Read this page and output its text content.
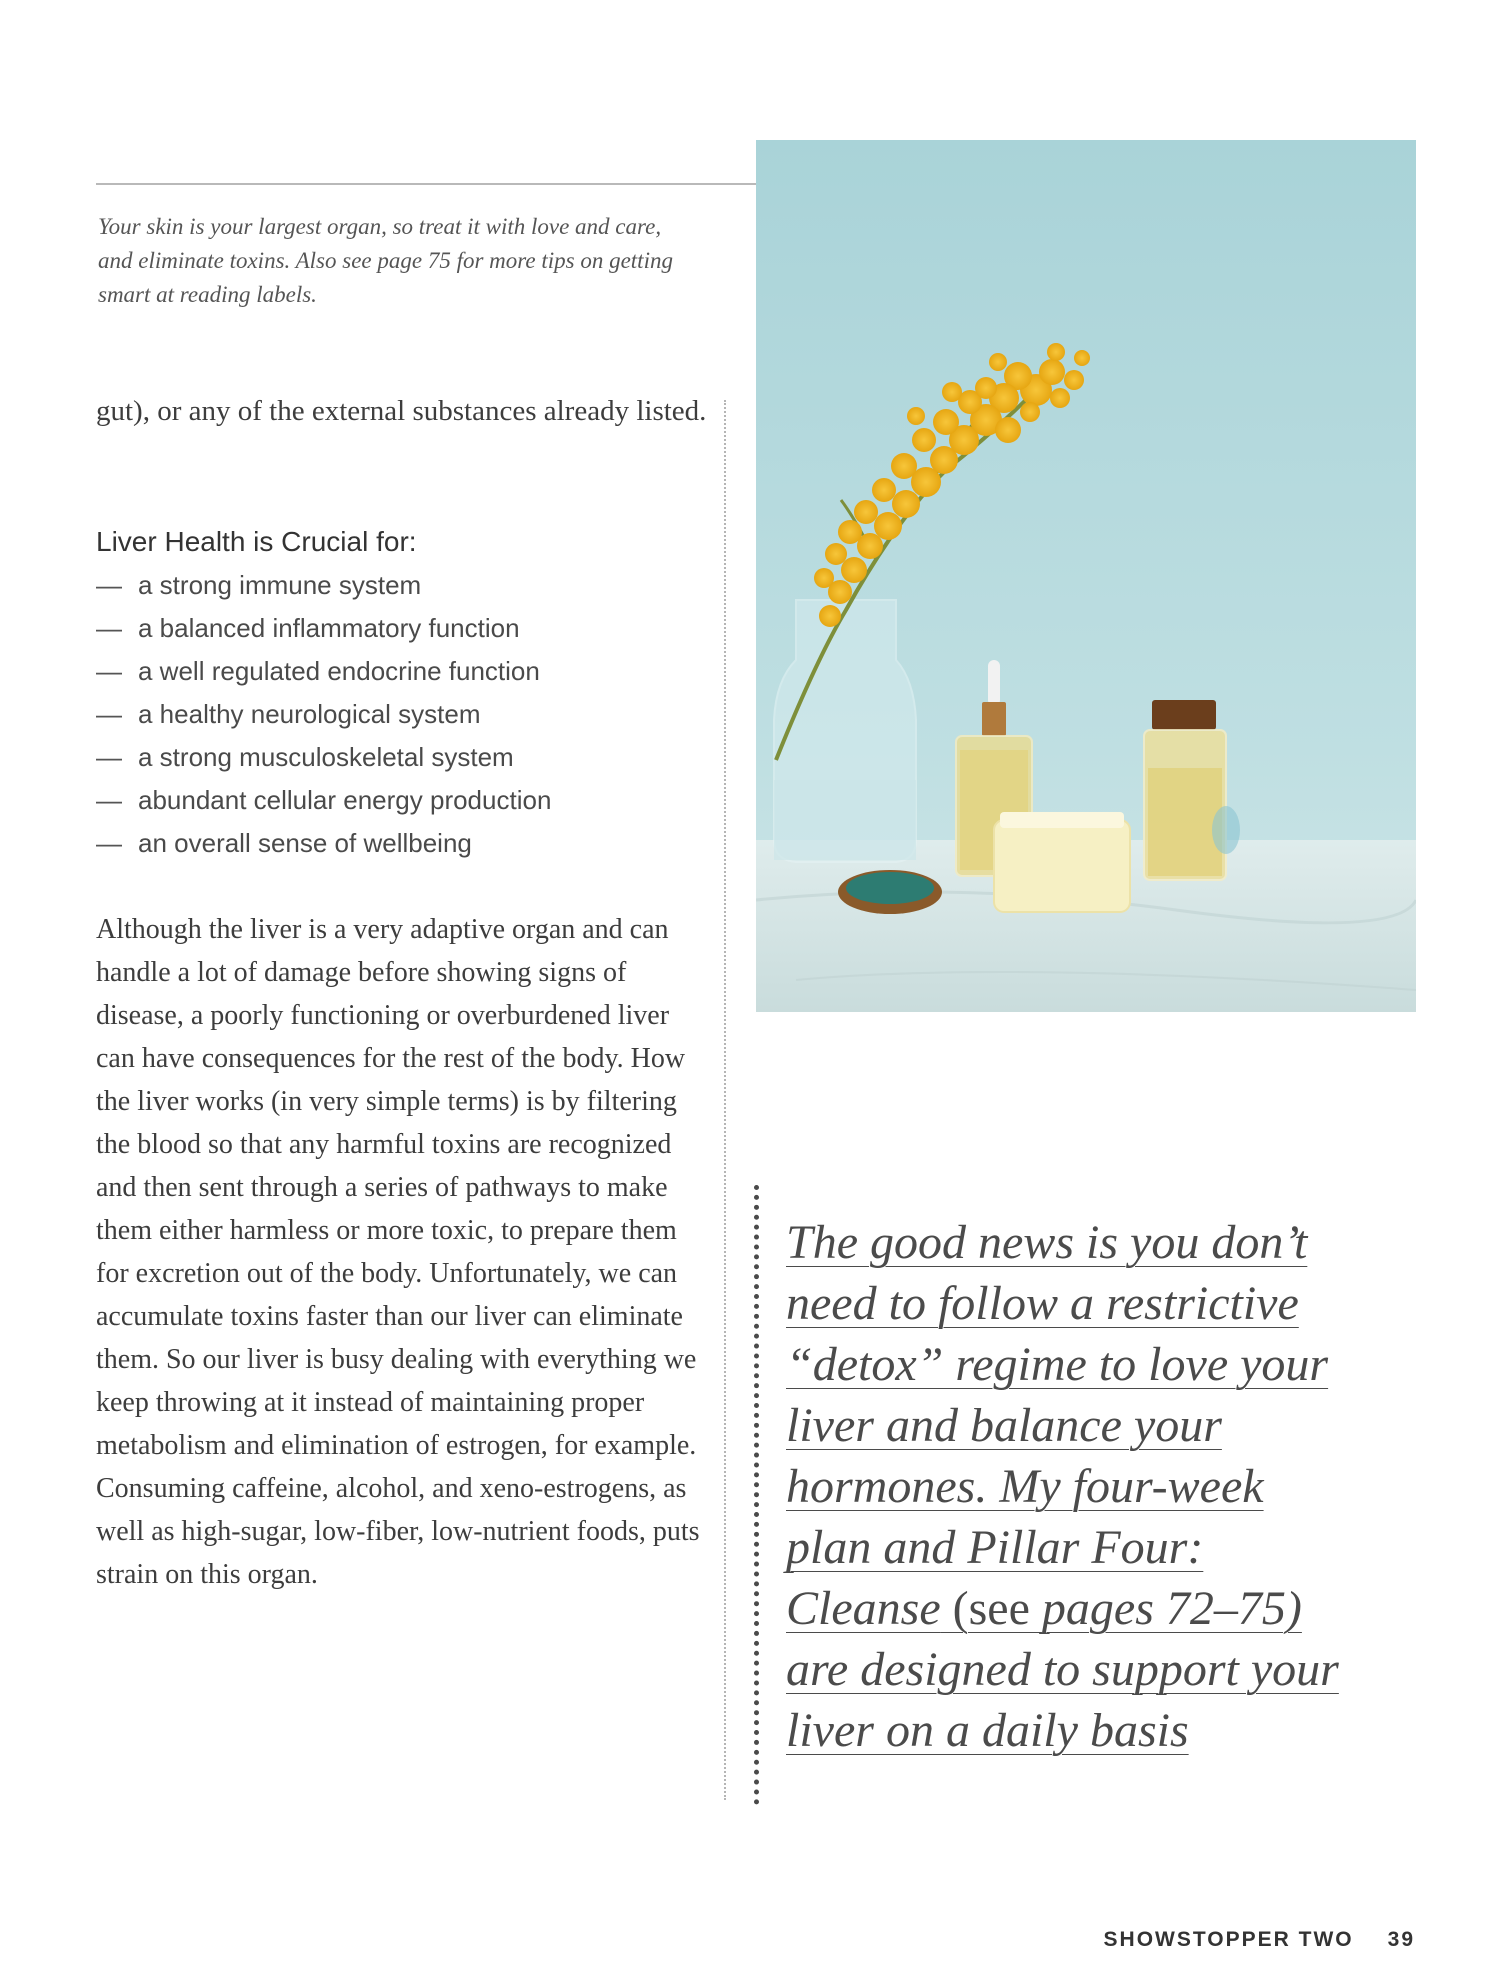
Your skin is your largest organ, so treat it with love and care, and eliminate toxins. Also see page 75 for more tips on getting smart at reading labels.
gut), or any of the external substances already listed.
Liver Health is Crucial for:
— a strong immune system
— a balanced inflammatory function
— a well regulated endocrine function
— a healthy neurological system
— a strong musculoskeletal system
— abundant cellular energy production
— an overall sense of wellbeing
Although the liver is a very adaptive organ and can handle a lot of damage before showing signs of disease, a poorly functioning or overburdened liver can have consequences for the rest of the body. How the liver works (in very simple terms) is by filtering the blood so that any harmful toxins are recognized and then sent through a series of pathways to make them either harmless or more toxic, to prepare them for excretion out of the body. Unfortunately, we can accumulate toxins faster than our liver can eliminate them. So our liver is busy dealing with everything we keep throwing at it instead of maintaining proper metabolism and elimination of estrogen, for example. Consuming caffeine, alcohol, and xeno-estrogens, as well as high-sugar, low-fiber, low-nutrient foods, puts strain on this organ.
The good news is you don’t need to follow a restrictive “detox” regime to love your liver and balance your hormones. My four-week plan and Pillar Four: Cleanse (see pages 72–75) are designed to support your liver on a daily basis
SHOWSTOPPER TWO 39
